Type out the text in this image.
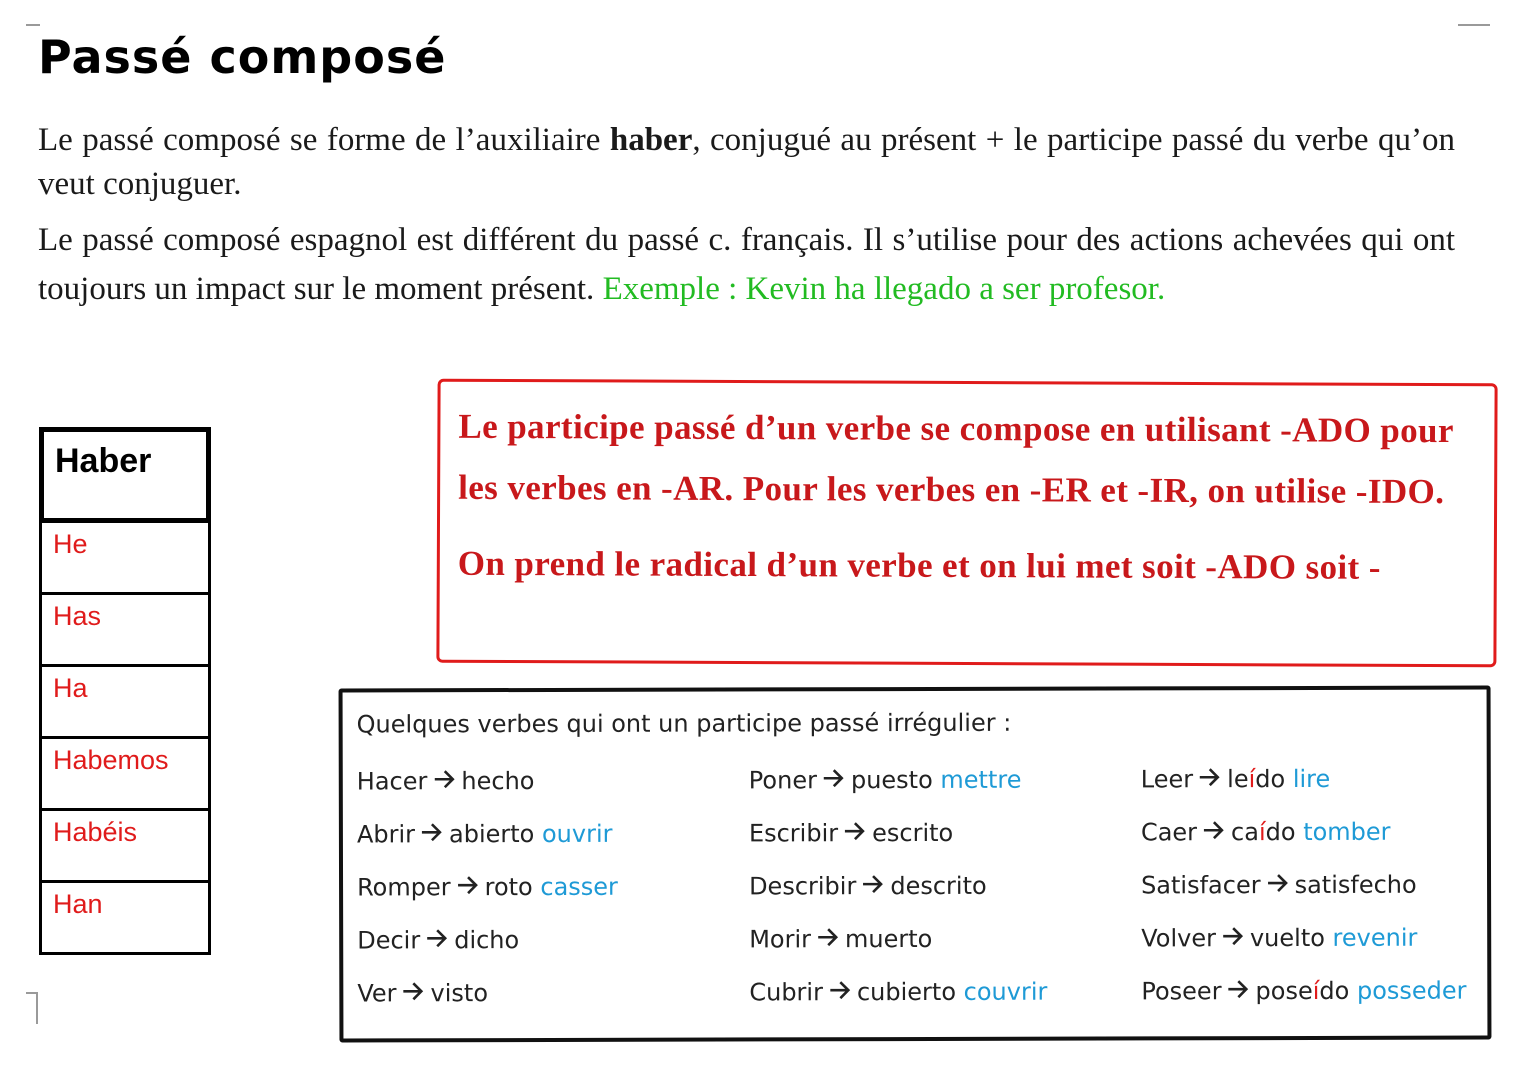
Passé composé

Le passé composé se forme de l’auxiliaire haber, conjugué au présent + le participe passé du verbe qu’on veut conjuguer.

Le passé composé espagnol est différent du passé c. français. Il s’utilise pour des actions achevées qui ont toujours un impact sur le moment présent. Exemple : Kevin ha llegado a ser profesor.

Haber
He
Has
Ha
Habemos
Habéis
Han

Le participe passé d’un verbe se compose en utilisant -ADO pour les verbes en -AR. Pour les verbes en -ER et -IR, on utilise -IDO.

On prend le radical d’un verbe et on lui met soit -ADO soit -

Quelques verbes qui ont un participe passé irrégulier :
Hacer hecho
Abrir abierto ouvrir
Romper roto casser
Decir dicho
Ver visto
Poner puesto mettre
Escribir escrito
Describir descrito
Morir muerto
Cubrir cubierto couvrir
Leer leído lire
Caer caído tomber
Satisfacer satisfecho
Volver vuelto revenir
Poseer poseído posseder
